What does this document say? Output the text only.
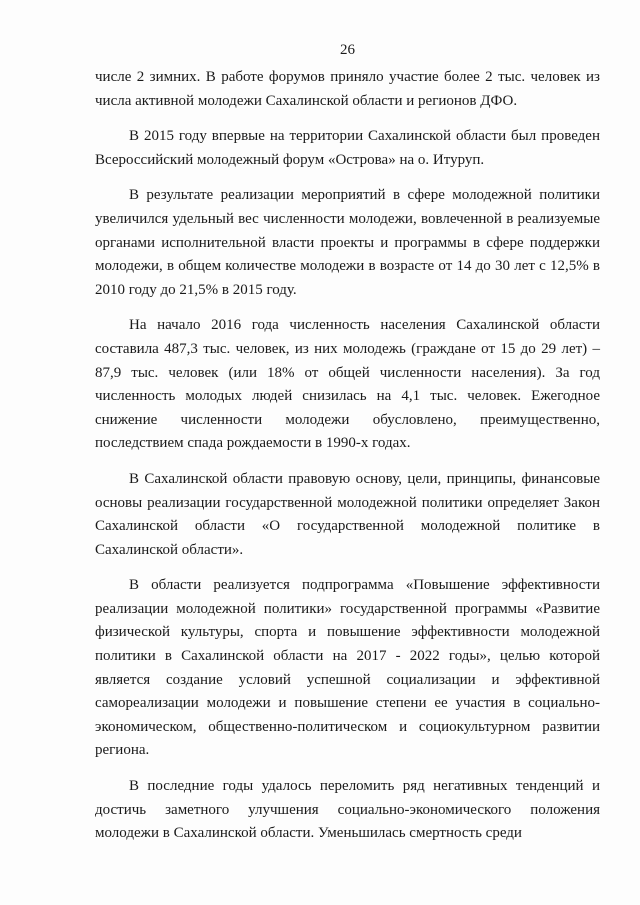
26

числе 2 зимних. В работе форумов приняло участие более 2 тыс. человек из числа активной молодежи Сахалинской области и регионов ДФО.

В 2015 году впервые на территории Сахалинской области был проведен Всероссийский молодежный форум «Острова» на о. Итуруп.

В результате реализации мероприятий в сфере молодежной политики увеличился удельный вес численности молодежи, вовлеченной в реализуемые органами исполнительной власти проекты и программы в сфере поддержки молодежи, в общем количестве молодежи в возрасте от 14 до 30 лет с 12,5% в 2010 году до 21,5% в 2015 году.

На начало 2016 года численность населения Сахалинской области составила 487,3 тыс. человек, из них молодежь (граждане от 15 до 29 лет) – 87,9 тыс. человек (или 18% от общей численности населения). За год численность молодых людей снизилась на 4,1 тыс. человек. Ежегодное снижение численности молодежи обусловлено, преимущественно, последствием спада рождаемости в 1990-х годах.

В Сахалинской области правовую основу, цели, принципы, финансовые основы реализации государственной молодежной политики определяет Закон Сахалинской области «О государственной молодежной политике в Сахалинской области».

В области реализуется подпрограмма «Повышение эффективности реализации молодежной политики» государственной программы «Развитие физической культуры, спорта и повышение эффективности молодежной политики в Сахалинской области на 2017 - 2022 годы», целью которой является создание условий успешной социализации и эффективной самореализации молодежи и повышение степени ее участия в социально-экономическом, общественно-политическом и социокультурном развитии региона.

В последние годы удалось переломить ряд негативных тенденций и достичь заметного улучшения социально-экономического положения молодежи в Сахалинской области. Уменьшилась смертность среди
